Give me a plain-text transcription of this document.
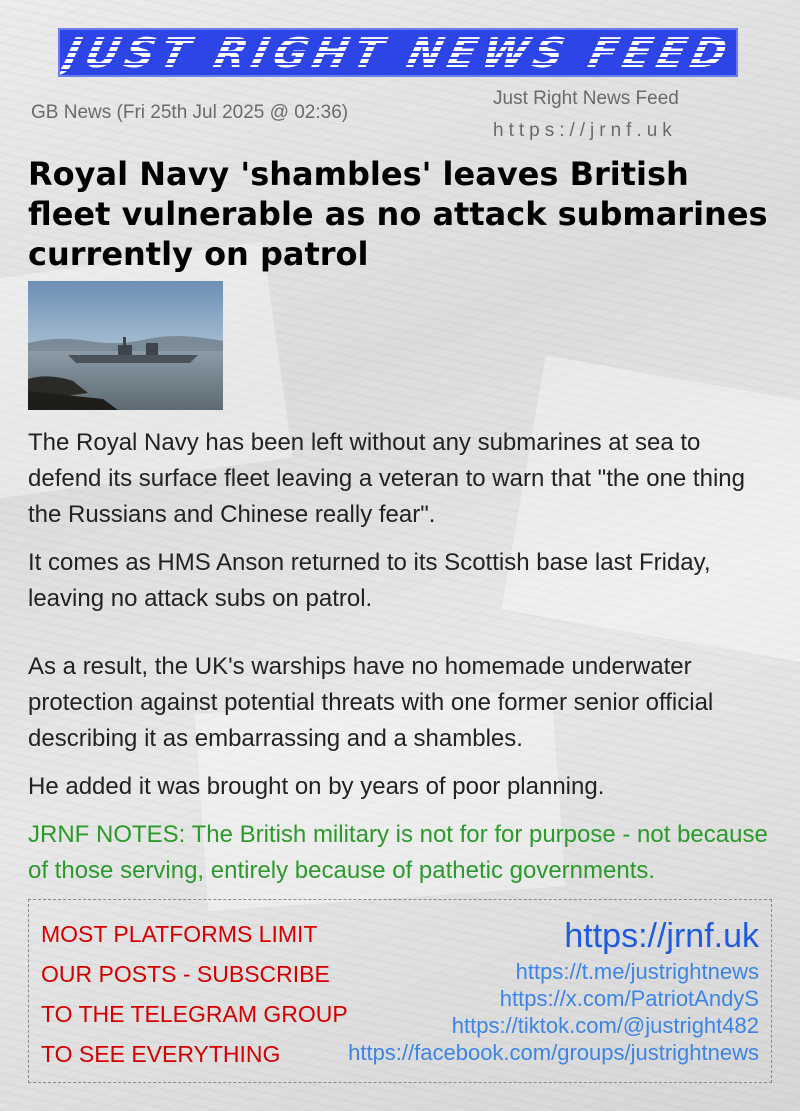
JUST RIGHT NEWS FEED
GB News (Fri 25th Jul 2025 @ 02:36)
Just Right News Feed
https://jrnf.uk
Royal Navy 'shambles' leaves British fleet vulnerable as no attack submarines currently on patrol

The Royal Navy has been left without any submarines at sea to defend its surface fleet leaving a veteran to warn that "the one thing the Russians and Chinese really fear".

It comes as HMS Anson returned to its Scottish base last Friday, leaving no attack subs on patrol.

As a result, the UK's warships have no homemade underwater protection against potential threats with one former senior official describing it as embarrassing and a shambles.

He added it was brought on by years of poor planning.

JRNF NOTES: The British military is not for for purpose - not because of those serving, entirely because of pathetic governments.

MOST PLATFORMS LIMIT
OUR POSTS - SUBSCRIBE
TO THE TELEGRAM GROUP
TO SEE EVERYTHING
https://jrnf.uk
https://t.me/justrightnews
https://x.com/PatriotAndyS
https://tiktok.com/@justright482
https://facebook.com/groups/justrightnews
